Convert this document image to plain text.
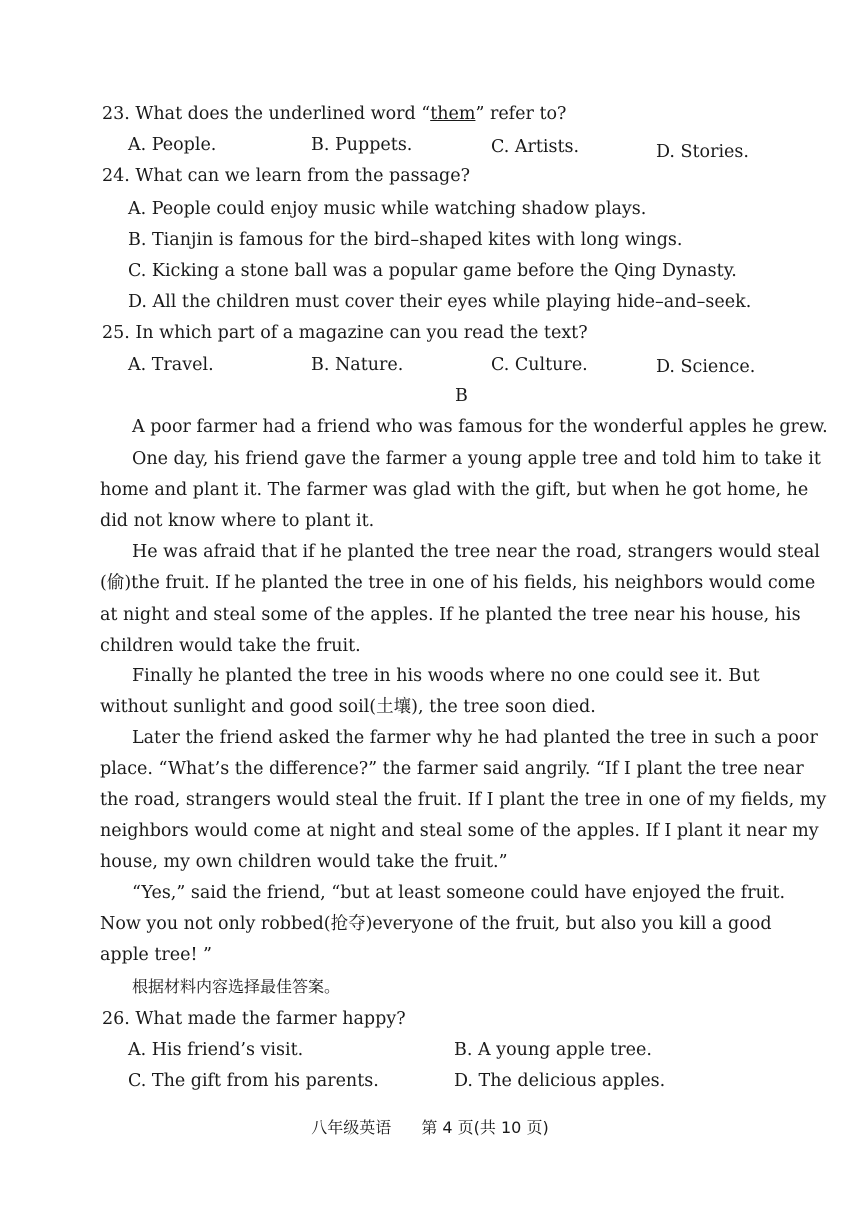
23. What does the underlined word “them” refer to?
A. People.	B. Puppets.	C. Artists.	D. Stories.
24. What can we learn from the passage?
A. People could enjoy music while watching shadow plays.
B. Tianjin is famous for the bird–shaped kites with long wings.
C. Kicking a stone ball was a popular game before the Qing Dynasty.
D. All the children must cover their eyes while playing hide–and–seek.
25. In which part of a magazine can you read the text?
A. Travel.	B. Nature.	C. Culture.	D. Science.
B
A poor farmer had a friend who was famous for the wonderful apples he grew.
One day, his friend gave the farmer a young apple tree and told him to take it
home and plant it. The farmer was glad with the gift, but when he got home, he
did not know where to plant it.
He was afraid that if he planted the tree near the road, strangers would steal
(偷)the fruit. If he planted the tree in one of his fields, his neighbors would come
at night and steal some of the apples. If he planted the tree near his house, his
children would take the fruit.
Finally he planted the tree in his woods where no one could see it. But
without sunlight and good soil(土壤), the tree soon died.
Later the friend asked the farmer why he had planted the tree in such a poor
place. “What’s the difference?” the farmer said angrily. “If I plant the tree near
the road, strangers would steal the fruit. If I plant the tree in one of my fields, my
neighbors would come at night and steal some of the apples. If I plant it near my
house, my own children would take the fruit.”
“Yes,” said the friend, “but at least someone could have enjoyed the fruit.
Now you not only robbed(抢夺)everyone of the fruit, but also you kill a good
apple tree! ”
根据材料内容选择最佳答案。
26. What made the farmer happy?
A. His friend’s visit.	B. A young apple tree.
C. The gift from his parents.	D. The delicious apples.
八年级英语 第 4 页(共 10 页)
